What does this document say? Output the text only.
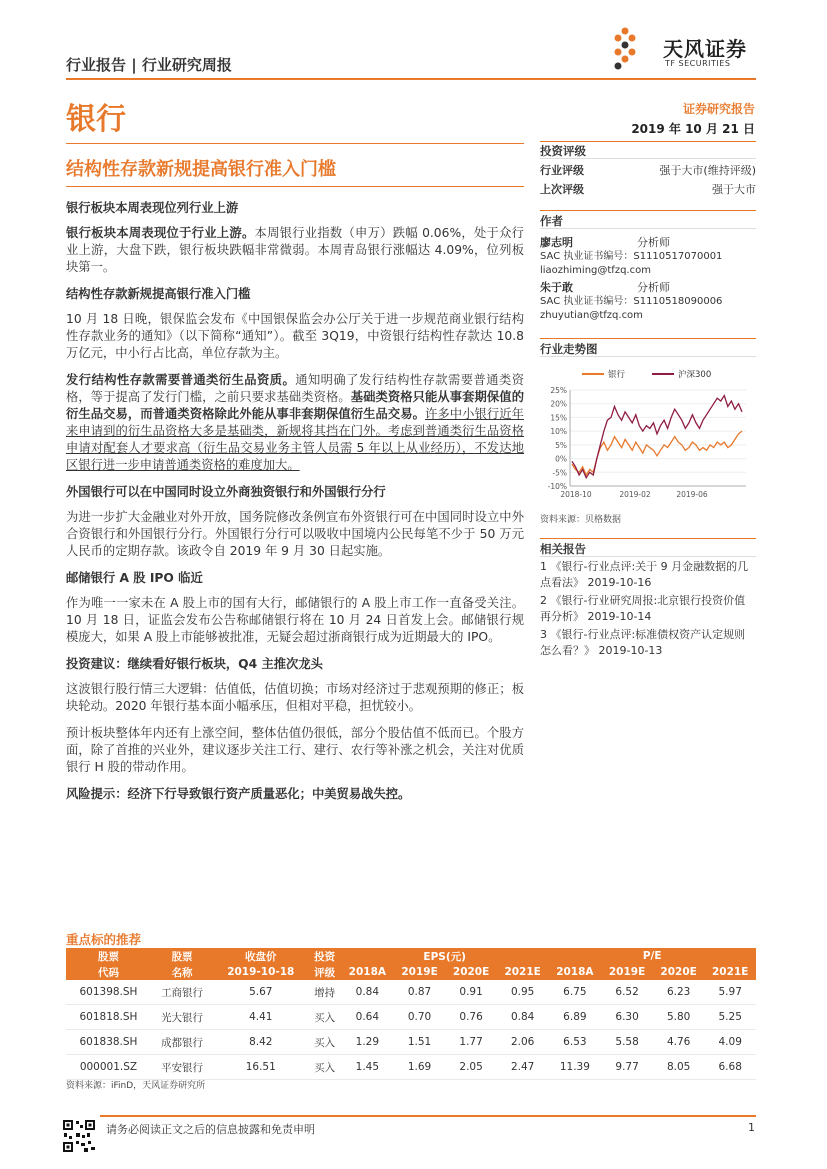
行业报告 | 行业研究周报
天风证券
TF SECURITIES
银行	证券研究报告
2019 年 10 月 21 日
结构性存款新规提高银行准入门槛
银行板块本周表现位列行业上游

银行板块本周表现位于行业上游。本周银行业指数（申万）跌幅 0.06%，处于众行业上游，大盘下跌，银行板块跌幅非常微弱。本周青岛银行涨幅达 4.09%，位列板块第一。

结构性存款新规提高银行准入门槛

10 月 18 日晚，银保监会发布《中国银保监会办公厅关于进一步规范商业银行结构性存款业务的通知》（以下简称“通知”）。截至 3Q19，中资银行结构性存款达 10.8 万亿元，中小行占比高，单位存款为主。

发行结构性存款需要普通类衍生品资质。通知明确了发行结构性存款需要普通类资格，等于提高了发行门槛，之前只要求基础类资格。基础类资格只能从事套期保值的衍生品交易，而普通类资格除此外能从事非套期保值衍生品交易。许多中小银行近年来申请到的衍生品资格大多是基础类，新规将其挡在门外。考虑到普通类衍生品资格申请对配套人才要求高（衍生品交易业务主管人员需 5 年以上从业经历），不发达地区银行进一步申请普通类资格的难度加大。

外国银行可以在中国同时设立外商独资银行和外国银行分行

为进一步扩大金融业对外开放，国务院修改条例宣布外资银行可在中国同时设立中外合资银行和外国银行分行。外国银行分行可以吸收中国境内公民每笔不少于 50 万元人民币的定期存款。该政令自 2019 年 9 月 30 日起实施。

邮储银行 A 股 IPO 临近

作为唯一一家未在 A 股上市的国有大行，邮储银行的 A 股上市工作一直备受关注。10 月 18 日，证监会发布公告称邮储银行将在 10 月 24 日首发上会。邮储银行规模庞大，如果 A 股上市能够被批准，无疑会超过浙商银行成为近期最大的 IPO。

投资建议：继续看好银行板块，Q4 主推次龙头

这波银行股行情三大逻辑：估值低，估值切换；市场对经济过于悲观预期的修正；板块轮动。2020 年银行基本面小幅承压，但相对平稳，担忧较小。

预计板块整体年内还有上涨空间，整体估值仍很低，部分个股估值不低而已。个股方面，除了首推的兴业外，建议逐步关注工行、建行、农行等补涨之机会，关注对优质银行 H 股的带动作用。

风险提示：经济下行导致银行资产质量恶化；中美贸易战失控。
投资评级
行业评级	强于大市(维持评级)
上次评级	强于大市
作者
廖志明	分析师
SAC 执业证书编号：S1110517070001
liaozhiming@tfzq.com
朱于敢	分析师
SAC 执业证书编号：S1110518090006
zhuyutian@tfzq.com
行业走势图
25%
20%
15%
10%
5%
0%
-5%
-10%
2018-10	2019-02	2019-06
银行	沪深300
资料来源：贝格数据
相关报告
1 《银行-行业点评:关于 9 月金融数据的几点看法》 2019-10-16
2 《银行-行业研究周报:北京银行投资价值再分析》 2019-10-14
3 《银行-行业点评:标准债权资产认定规则怎么看？》 2019-10-13
重点标的推荐
股票	股票	收盘价	投资	EPS(元)				P/E			
代码	名称	2019-10-18	评级	2018A	2019E	2020E	2021E	2018A	2019E	2020E	2021E
601398.SH	工商银行	5.67	增持	0.84	0.87	0.91	0.95	6.75	6.52	6.23	5.97
601818.SH	光大银行	4.41	买入	0.64	0.70	0.76	0.84	6.89	6.30	5.80	5.25
601838.SH	成都银行	8.42	买入	1.29	1.51	1.77	2.06	6.53	5.58	4.76	4.09
000001.SZ	平安银行	16.51	买入	1.45	1.69	2.05	2.47	11.39	9.77	8.05	6.68
资料来源：iFinD，天风证券研究所
请务必阅读正文之后的信息披露和免责申明	1
